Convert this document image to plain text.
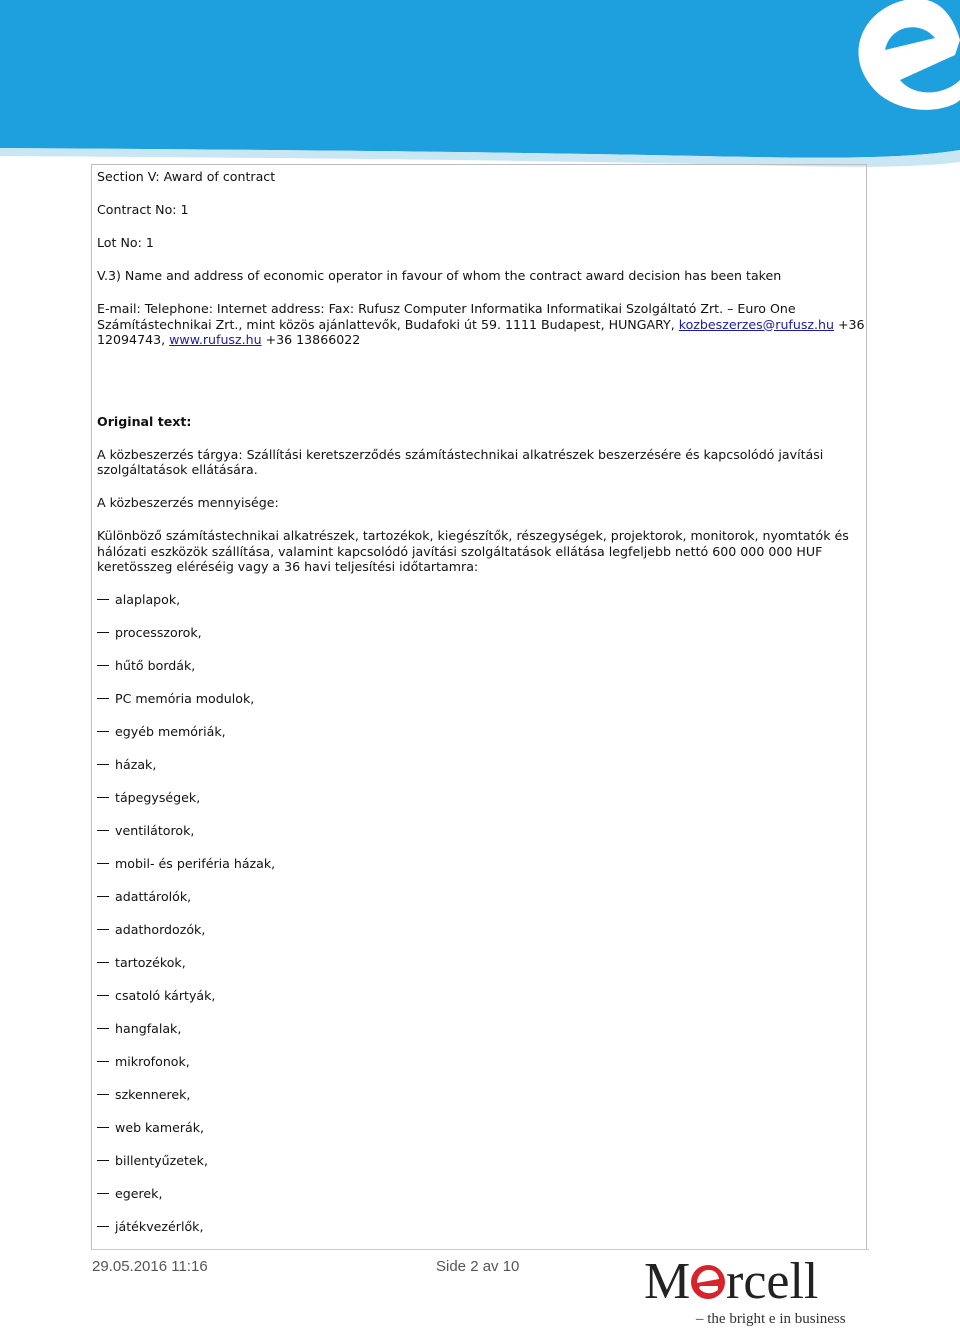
Section V: Award of contract

Contract No: 1

Lot No: 1

V.3) Name and address of economic operator in favour of whom the contract award decision has been taken

E-mail: Telephone: Internet address: Fax: Rufusz Computer Informatika Informatikai Szolgáltató Zrt. – Euro One Számítástechnikai Zrt., mint közös ajánlattevők, Budafoki út 59. 1111 Budapest, HUNGARY, kozbeszerzes@rufusz.hu +36 12094743, www.rufusz.hu +36 13866022

Original text:

A közbeszerzés tárgya: Szállítási keretszerződés számítástechnikai alkatrészek beszerzésére és kapcsolódó javítási szolgáltatások ellátására.

A közbeszerzés mennyisége:

Különböző számítástechnikai alkatrészek, tartozékok, kiegészítők, részegységek, projektorok, monitorok, nyomtatók és hálózati eszközök szállítása, valamint kapcsolódó javítási szolgáltatások ellátása legfeljebb nettó 600 000 000 HUF keretösszeg eléréséig vagy a 36 havi teljesítési időtartamra:

alaplapok,

processzorok,

hűtő bordák,

PC memória modulok,

egyéb memóriák,

házak,

tápegységek,

ventilátorok,

mobil- és periféria házak,

adattárolók,

adathordozók,

tartozékok,

csatoló kártyák,

hangfalak,

mikrofonok,

szkennerek,

web kamerák,

billentyűzetek,

egerek,

játékvezérlők,

29.05.2016 11:16	Side 2 av 10 M rcell
– the bright e in business
